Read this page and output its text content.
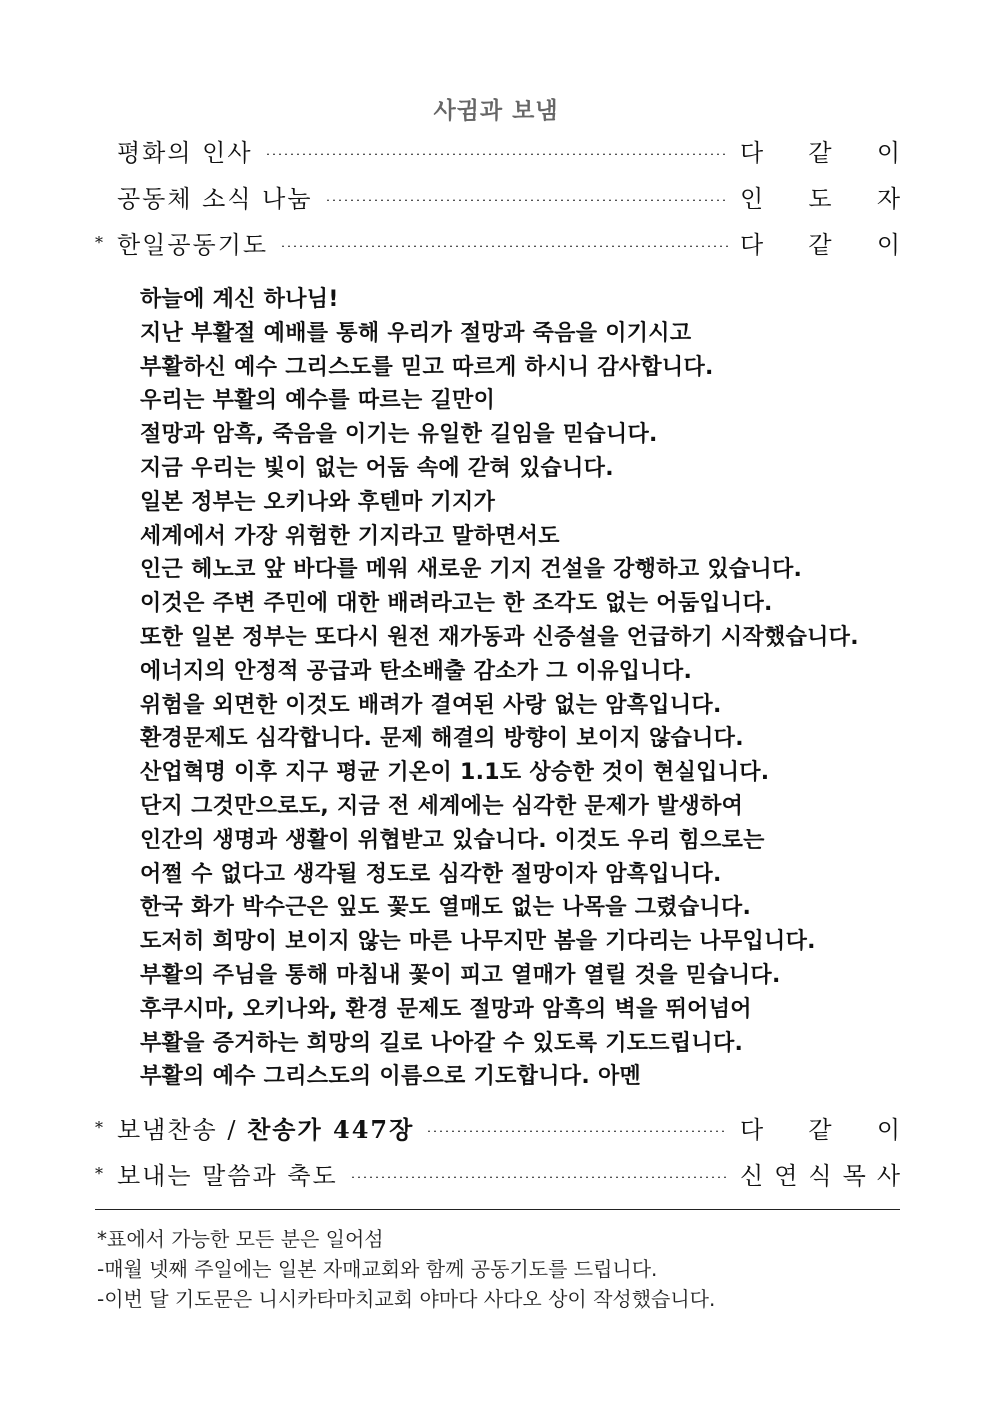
사귐과 보냄
평화의 인사	다 같 이
공동체 소식 나눔	인 도 자
* 한일공동기도	다 같 이
하늘에 계신 하나님!
지난 부활절 예배를 통해 우리가 절망과 죽음을 이기시고
부활하신 예수 그리스도를 믿고 따르게 하시니 감사합니다.
우리는 부활의 예수를 따르는 길만이
절망과 암흑, 죽음을 이기는 유일한 길임을 믿습니다.
지금 우리는 빛이 없는 어둠 속에 갇혀 있습니다.
일본 정부는 오키나와 후텐마 기지가
세계에서 가장 위험한 기지라고 말하면서도
인근 헤노코 앞 바다를 메워 새로운 기지 건설을 강행하고 있습니다.
이것은 주변 주민에 대한 배려라고는 한 조각도 없는 어둠입니다.
또한 일본 정부는 또다시 원전 재가동과 신증설을 언급하기 시작했습니다.
에너지의 안정적 공급과 탄소배출 감소가 그 이유입니다.
위험을 외면한 이것도 배려가 결여된 사랑 없는 암흑입니다.
환경문제도 심각합니다. 문제 해결의 방향이 보이지 않습니다.
산업혁명 이후 지구 평균 기온이 1.1도 상승한 것이 현실입니다.
단지 그것만으로도, 지금 전 세계에는 심각한 문제가 발생하여
인간의 생명과 생활이 위협받고 있습니다. 이것도 우리 힘으로는
어쩔 수 없다고 생각될 정도로 심각한 절망이자 암흑입니다.
한국 화가 박수근은 잎도 꽃도 열매도 없는 나목을 그렸습니다.
도저히 희망이 보이지 않는 마른 나무지만 봄을 기다리는 나무입니다.
부활의 주님을 통해 마침내 꽃이 피고 열매가 열릴 것을 믿습니다.
후쿠시마, 오키나와, 환경 문제도 절망과 암흑의 벽을 뛰어넘어
부활을 증거하는 희망의 길로 나아갈 수 있도록 기도드립니다.
부활의 예수 그리스도의 이름으로 기도합니다. 아멘
* 보냄찬송 / 찬송가 447장	다 같 이
* 보내는 말씀과 축도	신 연 식 목 사
*표에서 가능한 모든 분은 일어섬
-매월 넷째 주일에는 일본 자매교회와 함께 공동기도를 드립니다.
-이번 달 기도문은 니시카타마치교회 야마다 사다오 상이 작성했습니다.
